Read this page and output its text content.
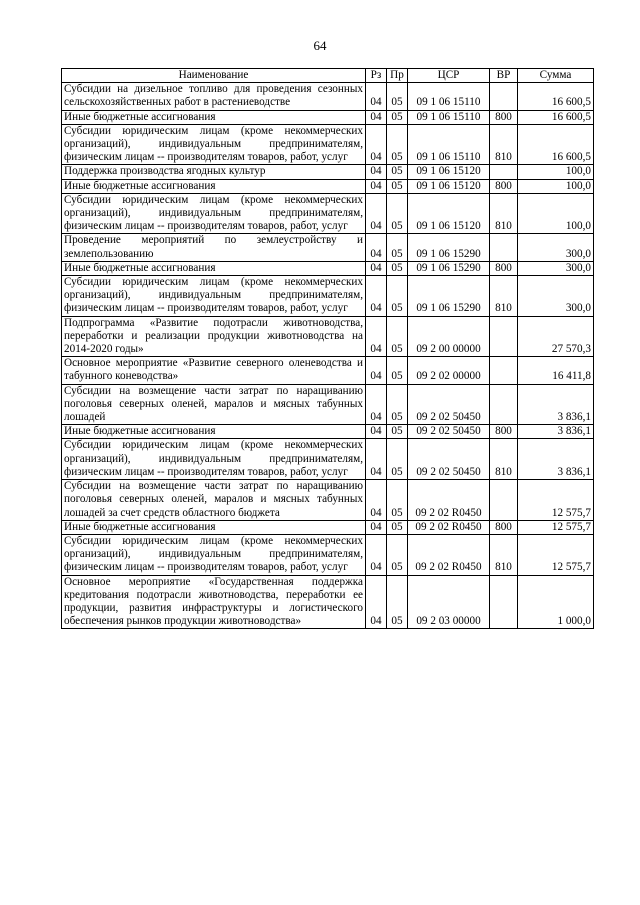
64
Наименование	Рз	Пр	ЦСР	ВР	Сумма
Субсидии на дизельное топливо для проведения сезонных сельскохозяйственных работ в растениеводстве	04	05	09 1 06 15110		16 600,5
Иные бюджетные ассигнования	04	05	09 1 06 15110	800	16 600,5
Субсидии юридическим лицам (кроме некоммерческих организаций), индивидуальным предпринимателям, физическим лицам -- производителям товаров, работ, услуг	04	05	09 1 06 15110	810	16 600,5
Поддержка производства ягодных культур	04	05	09 1 06 15120		100,0
Иные бюджетные ассигнования	04	05	09 1 06 15120	800	100,0
Субсидии юридическим лицам (кроме некоммерческих организаций), индивидуальным предпринимателям, физическим лицам -- производителям товаров, работ, услуг	04	05	09 1 06 15120	810	100,0
Проведение мероприятий по землеустройству и землепользованию	04	05	09 1 06 15290		300,0
Иные бюджетные ассигнования	04	05	09 1 06 15290	800	300,0
Субсидии юридическим лицам (кроме некоммерческих организаций), индивидуальным предпринимателям, физическим лицам -- производителям товаров, работ, услуг	04	05	09 1 06 15290	810	300,0
Подпрограмма «Развитие подотрасли животноводства, переработки и реализации продукции животноводства на 2014-2020 годы»	04	05	09 2 00 00000		27 570,3
Основное мероприятие «Развитие северного оленеводства и табунного коневодства»	04	05	09 2 02 00000		16 411,8
Субсидии на возмещение части затрат по наращиванию поголовья северных оленей, маралов и мясных табунных лошадей	04	05	09 2 02 50450		3 836,1
Иные бюджетные ассигнования	04	05	09 2 02 50450	800	3 836,1
Субсидии юридическим лицам (кроме некоммерческих организаций), индивидуальным предпринимателям, физическим лицам -- производителям товаров, работ, услуг	04	05	09 2 02 50450	810	3 836,1
Субсидии на возмещение части затрат по наращиванию поголовья северных оленей, маралов и мясных табунных лошадей за счет средств областного бюджета	04	05	09 2 02 R0450		12 575,7
Иные бюджетные ассигнования	04	05	09 2 02 R0450	800	12 575,7
Субсидии юридическим лицам (кроме некоммерческих организаций), индивидуальным предпринимателям, физическим лицам -- производителям товаров, работ, услуг	04	05	09 2 02 R0450	810	12 575,7
Основное мероприятие «Государственная поддержка кредитования подотрасли животноводства, переработки ее продукции, развития инфраструктуры и логистического обеспечения рынков продукции животноводства»	04	05	09 2 03 00000		1 000,0
